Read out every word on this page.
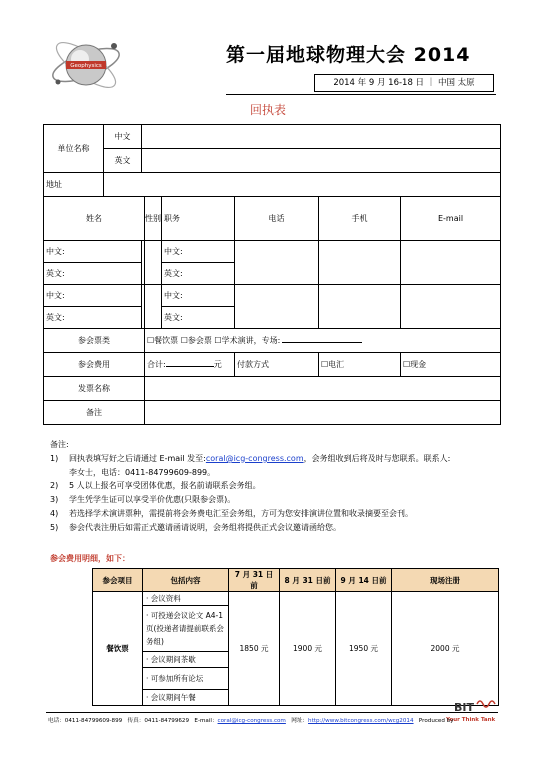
Geophysics	第一届地球物理大会 2014
2014 年 9 月 16-18 日 ｜ 中国 太原
回执表
单位名称	中文						
	英文						
地址							
姓名			性别	职务	电话	手机	E-mail
中文:				中文:			
英文:				英文:			
中文:				中文:			
英文:				英文:			
参会票类			☐餐饮票 ☐参会票 ☐学术演讲，专场:				
参会费用			合计: 元		付款方式	☐电汇	☐现金
发票名称							
备注							
备注:
1)	回执表填写好之后请通过 E-mail 发至:coral@icg-congress.com，会务组收到后将及时与您联系。联系人:
李女士，电话：0411-84799609-899。
2)	5 人以上报名可享受团体优惠，报名前请联系会务组。
3)	学生凭学生证可以享受半价优惠(只限参会票)。
4)	若选择学术演讲票种，需提前将会务费电汇至会务组，方可为您安排演讲位置和收录摘要至会刊。
5)	参会代表注册后如需正式邀请函请说明，会务组将提供正式会议邀请函给您。
参会费用明细，如下：
参会项目	包括内容	7 月 31 日前	8 月 31 日前	9 月 14 日前	现场注册
餐饮票	· 会议资料	1850 元	1900 元	1950 元	2000 元
	· 可投递会议论文 A4-1 页(投递者请提前联系会务组)				
	· 会议期间茶歇				
	· 可参加所有论坛				
	· 会议期间午餐				
BIT
Your Think Tank
电话：0411-84799609-899 传真：0411-84799629 E-mail：coral@icg-congress.com 网址：http://www.bitcongress.com/wcg2014 Produced by
